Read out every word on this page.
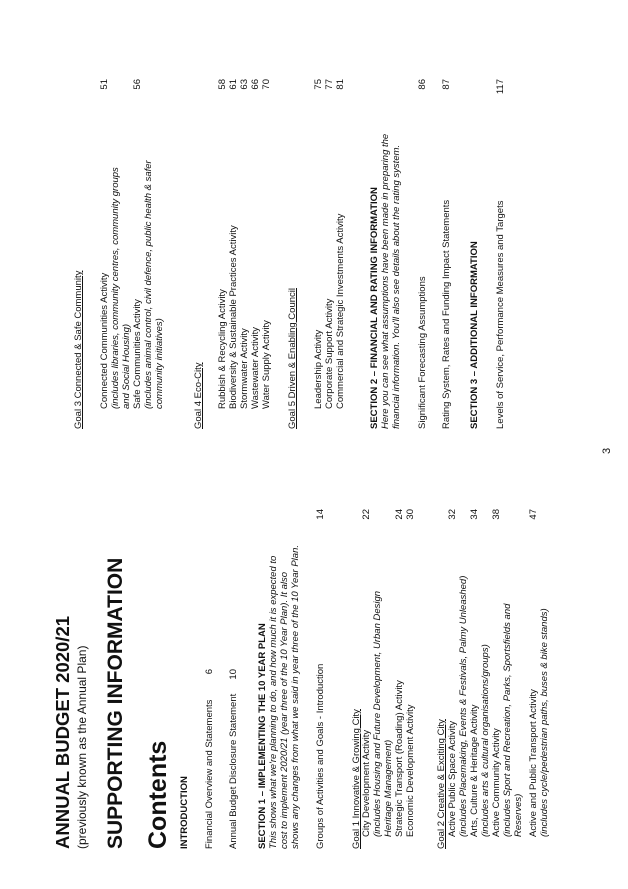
ANNUAL BUDGET 2020/21 (previously known as the Annual Plan) SUPPORTING INFORMATION Contents INTRODUCTION Financial Overview and Statements
6
Annual Budget Disclosure Statement
10 SECTION 1 – IMPLEMENTING THE 10 YEAR PLAN This shows what we're planning to do, and how much it is expected to cost to implement 2020/21 (year three of the 10 Year Plan). It also shows any changes from what we said in year three of the 10 Year Plan. Groups of Activities and Goals - Introduction
14
Goal 1 Innovative & Growing City City Development Activity
22
(includes Housing and Future Development, Urban Design Heritage Management) Strategic Transport (Roading) Activity
24
Economic Development Activity
30
Goal 2 Creative & Exciting City Active Public Space Activity
32
(includes Placemaking, Events & Festivals, Palmy Unleashed) Arts, Culture & Heritage Activity
34
(includes arts & cultural organisations/groups) Active Community Activity
38
(includes Sport and Recreation, Parks, Sportsfields and Reserves) Active and Public Transport Activity
47
(includes cycle/pedestrian paths, buses & bike stands)
Goal 3 Connected & Safe Community Connected Communities Activity
51
(includes libraries, community centres, community groups and Social Housing) Safe Communities Activity
56
(includes animal control, civil defence, public health & safer community initiatives)	Goal 4 Eco-City Rubbish & Recycling Activity
58
Biodiversity & Sustainable Practices Activity
61
Stormwater Activity
63
Wastewater Activity
66
Water Supply Activity
70
Goal 5 Driven & Enabling Council Leadership Activity
75
Corporate Support Activity
77
Commercial and Strategic Investments Activity
81
SECTION 2 – FINANCIAL AND RATING INFORMATION Here you can see what assumptions have been made in preparing the financial information. You'll also see details about the rating system. Significant Forecasting Assumptions
86
Rating System, Rates and Funding Impact Statements
87
SECTION 3 – ADDITIONAL INFORMATION Levels of Service, Performance Measures and Targets
117
3
